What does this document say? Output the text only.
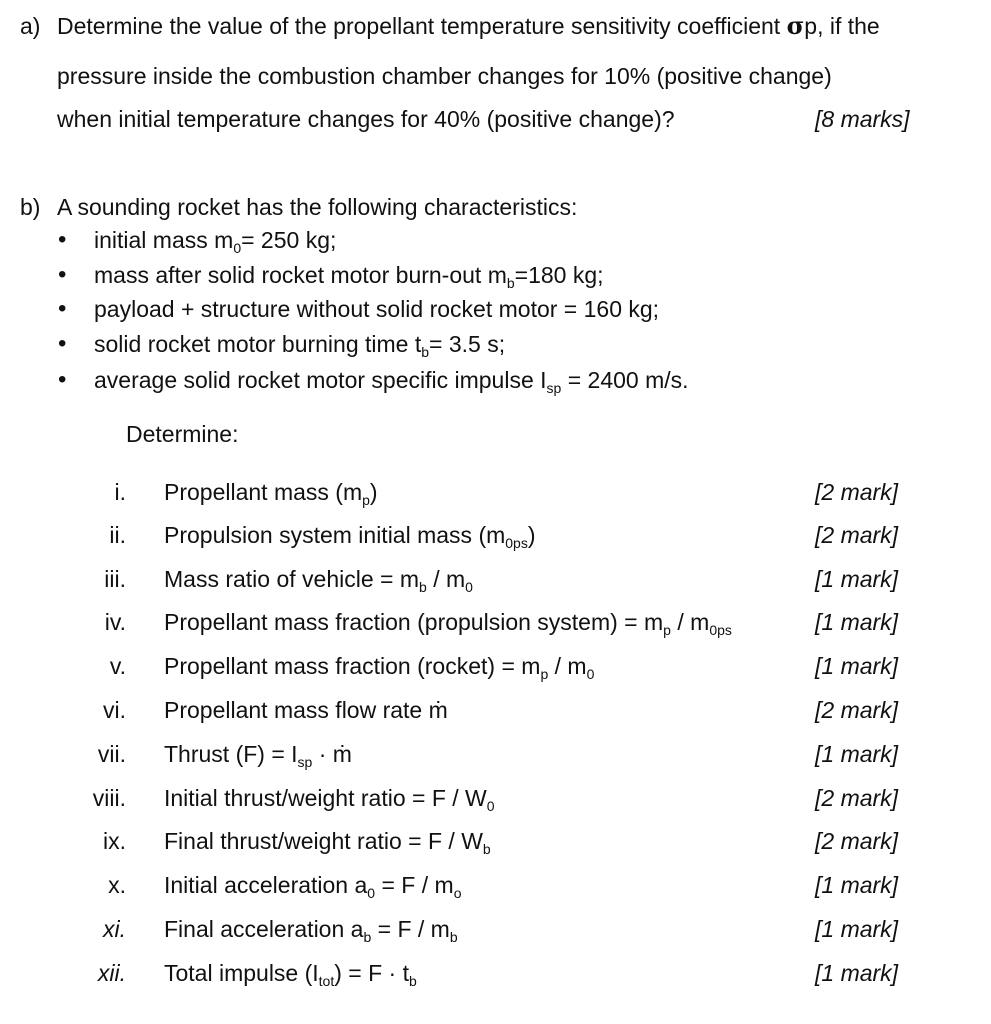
a) Determine the value of the propellant temperature sensitivity coefficient σp, if the
pressure inside the combustion chamber changes for 10% (positive change)
when initial temperature changes for 40% (positive change)?	[8 marks]
b) A sounding rocket has the following characteristics:
• initial mass $m_0= 250$ kg;
• mass after solid rocket motor burn-out $m_b=180$ kg;
• payload + structure without solid rocket motor = 160 kg;
• solid rocket motor burning time $t_b= 3.5$ s;
• average solid rocket motor specific impulse $I_{sp} = 2400$ m/s.
Determine:
i. Propellant mass $(m_p)$	[2 mark]
ii. Propulsion system initial mass $(m_{0ps})$	[2 mark]
iii. Mass ratio of vehicle = $m_b / m_0$	[1 mark]
iv. Propellant mass fraction (propulsion system) = $m_p / m_{0ps}$	[1 mark]
v. Propellant mass fraction (rocket) = $m_p / m_0$	[1 mark]
vi. Propellant mass flow rate ṁ	[2 mark]
vii. Thrust $(F) = I_{sp}$ · ṁ	[1 mark]
viii. Initial thrust/weight ratio = F / $W_0$	[2 mark]
ix. Final thrust/weight ratio = F / $W_b$	[2 mark]
x. Initial acceleration $a_0 = F / m_o$	[1 mark]
xi. Final acceleration $a_b = F / m_b$	[1 mark]
xii. Total impulse $(I_{tot}) = F \cdot t_b$	[1 mark]
